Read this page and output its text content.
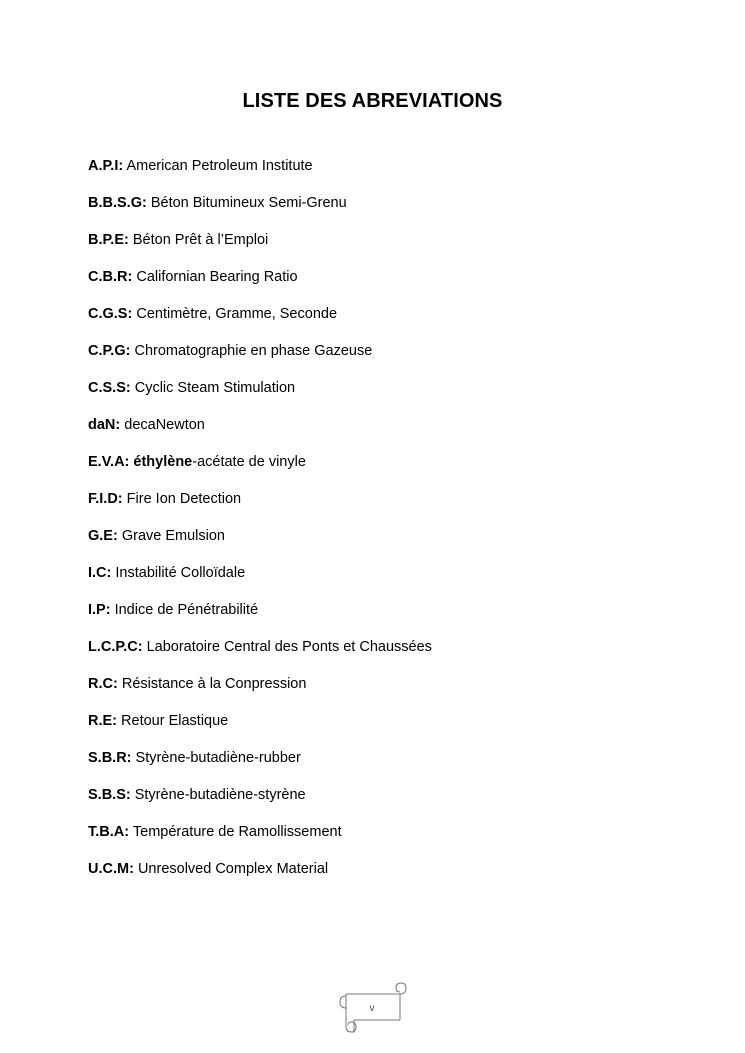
LISTE DES ABREVIATIONS
A.P.I: American Petroleum Institute
B.B.S.G: Béton Bitumineux Semi-Grenu
B.P.E: Béton Prêt à l’Emploi
C.B.R: Californian Bearing Ratio
C.G.S: Centimètre, Gramme, Seconde
C.P.G: Chromatographie en phase Gazeuse
C.S.S: Cyclic Steam Stimulation
daN: decaNewton
E.V.A: éthylène-acétate de vinyle
F.I.D: Fire Ion Detection
G.E: Grave Emulsion
I.C: Instabilité Colloïdale
I.P: Indice de Pénétrabilité
L.C.P.C: Laboratoire Central des Ponts et Chaussées
R.C: Résistance à la Conpression
R.E: Retour Elastique
S.B.R: Styrène-butadiène-rubber
S.B.S: Styrène-butadiène-styrène
T.B.A: Température de Ramollissement
U.C.M: Unresolved Complex Material
v
